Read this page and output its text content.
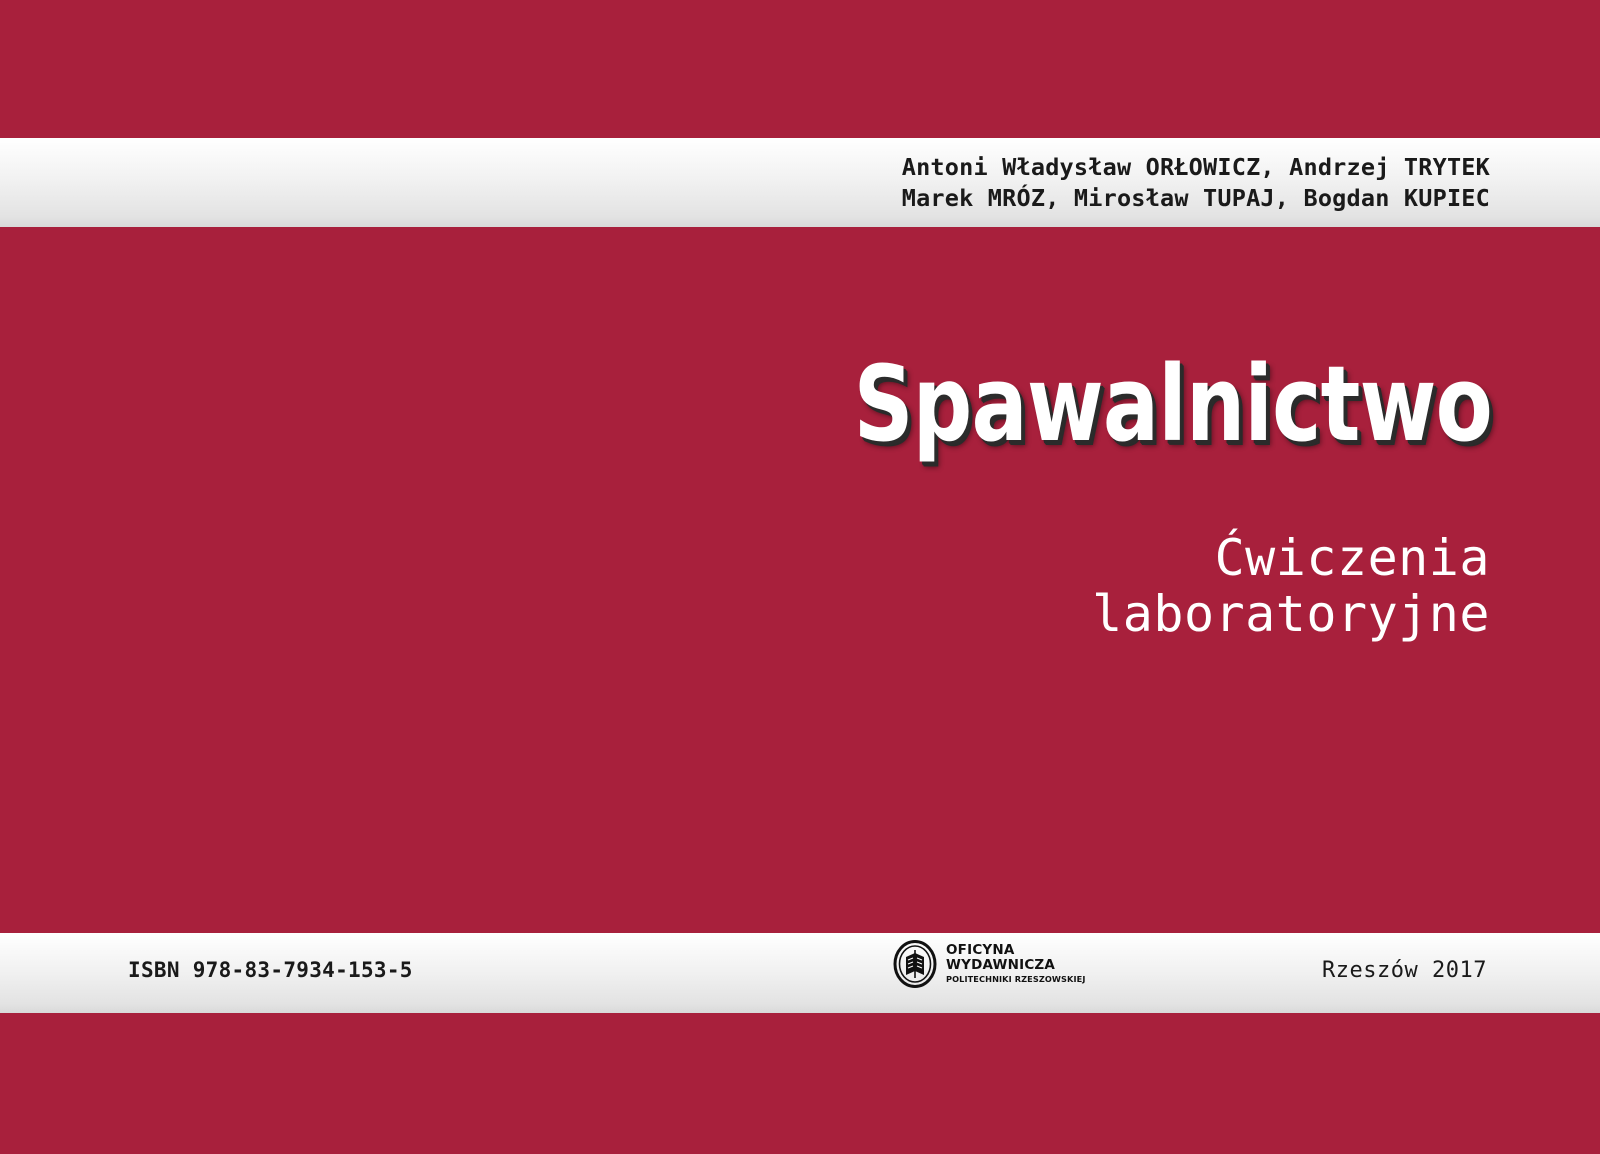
Antoni Władysław ORŁOWICZ, Andrzej TRYTEK
Marek MRÓZ, Mirosław TUPAJ, Bogdan KUPIEC
Spawalnictwo
Ćwiczenia
laboratoryjne
ISBN 978-83-7934-153-5
OFICYNA
WYDAWNICZA
POLITECHNIKI RZESZOWSKIEJ	Rzeszów 2017
